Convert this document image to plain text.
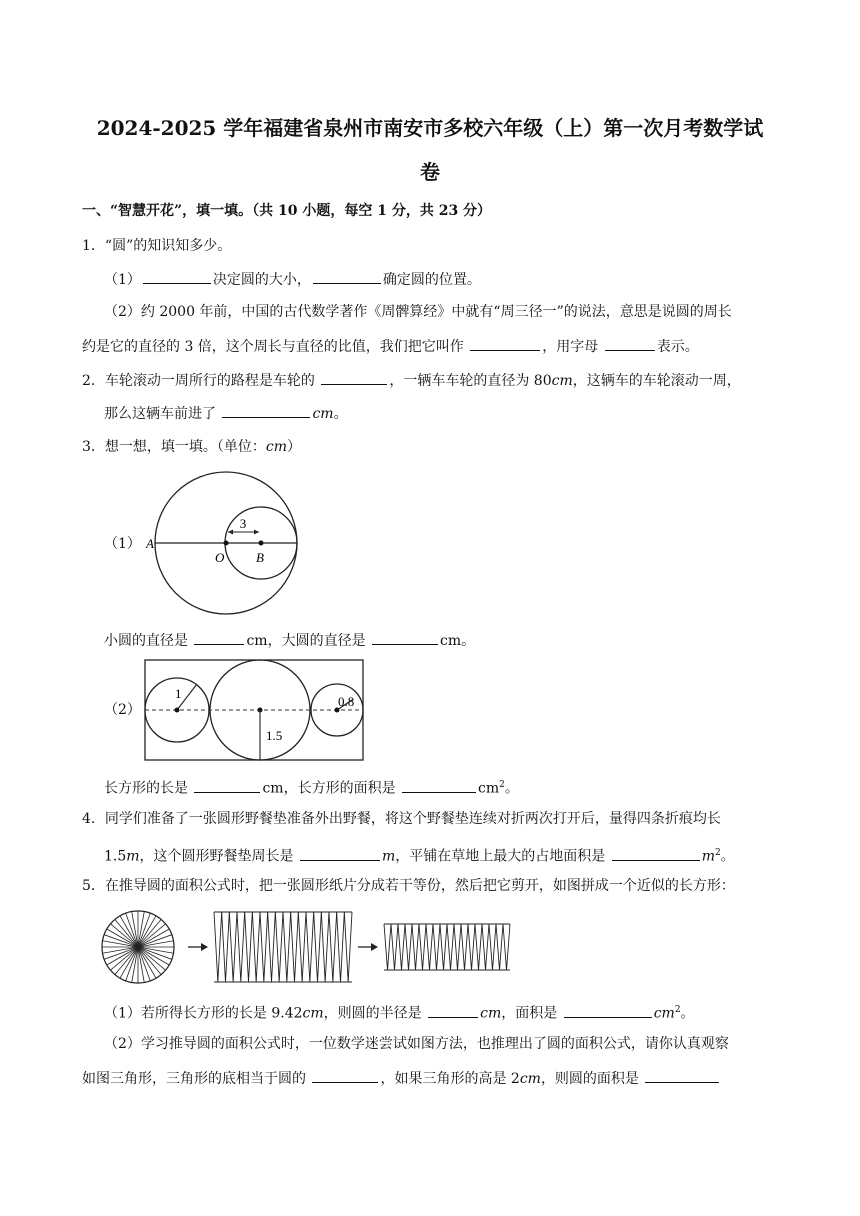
2024-2025 学年福建省泉州市南安市多校六年级（上）第一次月考数学试
卷
一、“智慧开花”，填一填。（共 10 小题，每空 1 分，共 23 分）
1．“圆”的知识知多少。
（1）	决定圆的大小，	确定圆的位置。
（2）约 2000 年前，中国的古代数学著作《周髀算经》中就有“周三径一”的说法，意思是说圆的周长
约是它的直径的 3 倍，这个周长与直径的比值，我们把它叫作	，用字母	表示。
2．车轮滚动一周所行的路程是车轮的	，一辆车车轮的直径为 80cm，这辆车的车轮滚动一周，
那么这辆车前进了	cm。
3．想一想，填一填。（单位：cm）
（1）
3
A
O B
小圆的直径是	cm，大圆的直径是	cm。
（2）
1
1.5
0.8
长方形的长是	cm，长方形的面积是	$cm^2$。
4．同学们准备了一张圆形野餐垫准备外出野餐，将这个野餐垫连续对折两次打开后，量得四条折痕均长
1.5m，这个圆形野餐垫周长是	m，平铺在草地上最大的占地面积是	$m^2$。
5．在推导圆的面积公式时，把一张圆形纸片分成若干等份，然后把它剪开，如图拼成一个近似的长方形：
（1）若所得长方形的长是 9.42cm，则圆的半径是	cm，面积是	$cm^2$。
（2）学习推导圆的面积公式时，一位数学迷尝试如图方法，也推理出了圆的面积公式，请你认真观察
如图三角形，三角形的底相当于圆的	，如果三角形的高是 2cm，则圆的面积是
